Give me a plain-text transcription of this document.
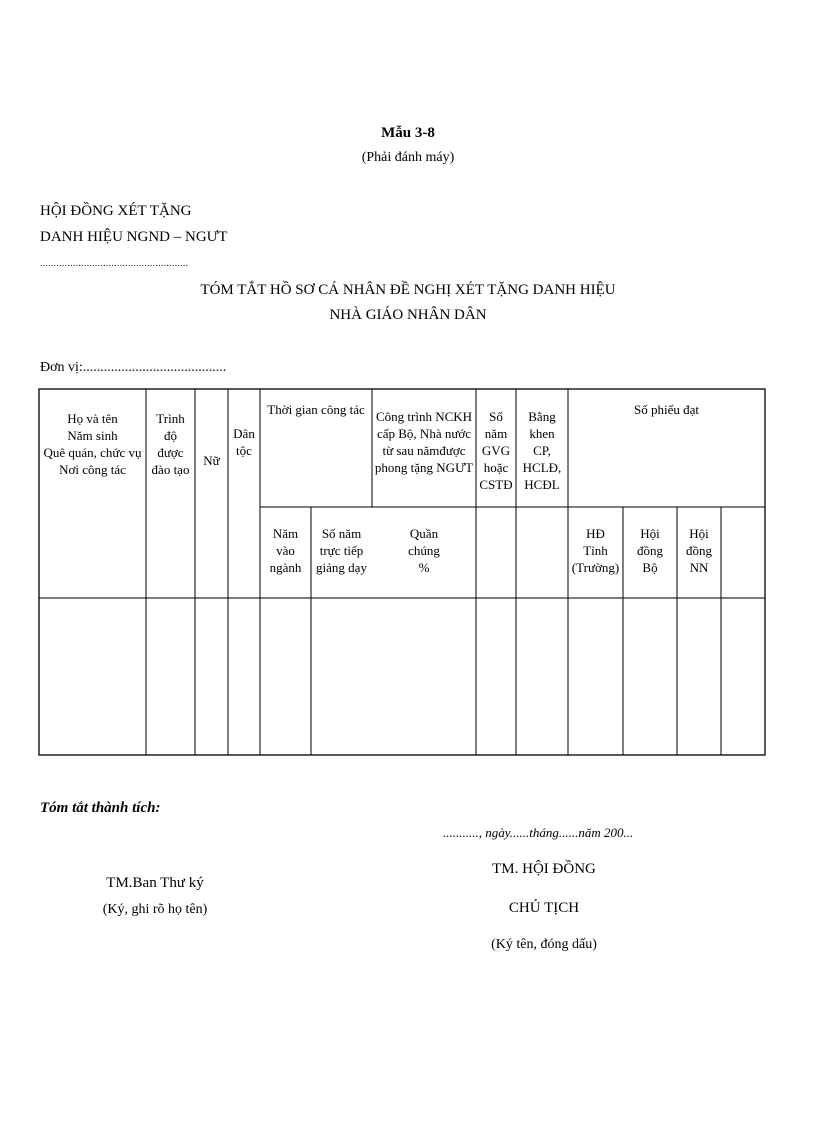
Mẫu 3-8
(Phải đánh máy)
HỘI ĐỒNG XÉT TẶNG
DANH HIỆU NGND – NGƯT
......................................................
TÓM TẮT HỒ SƠ CÁ NHÂN ĐỀ NGHỊ XÉT TẶNG DANH HIỆU
NHÀ GIÁO NHÂN DÂN
Đơn vị:.........................................
Họ và tên
Năm sinh
Quê quán, chức vụ
Nơi công tác
Trình
độ
được
đào tạo
Nữ
Dân
tộc
Thời gian công tác Công trình NCKH
cấp Bộ, Nhà nước
từ sau nămđược
phong tặng NGƯT
Số
năm
GVG
hoặc
CSTĐ
Bằng
khen
CP,
HCLĐ,
HCĐL
Số phiếu đạt
Năm
vào
ngành
Số năm
trực tiếp
giảng dạy
Quần
chúng
%
HĐ
Tỉnh
(Trường)
Hội
đồng
Bộ
Hội
đồng
NN
Tóm tắt thành tích:
..........., ngày......tháng......năm 200...
TM.Ban Thư ký
(Ký, ghi rõ họ tên)
TM. HỘI ĐỒNG
CHỦ TỊCH
(Ký tên, đóng dấu)
